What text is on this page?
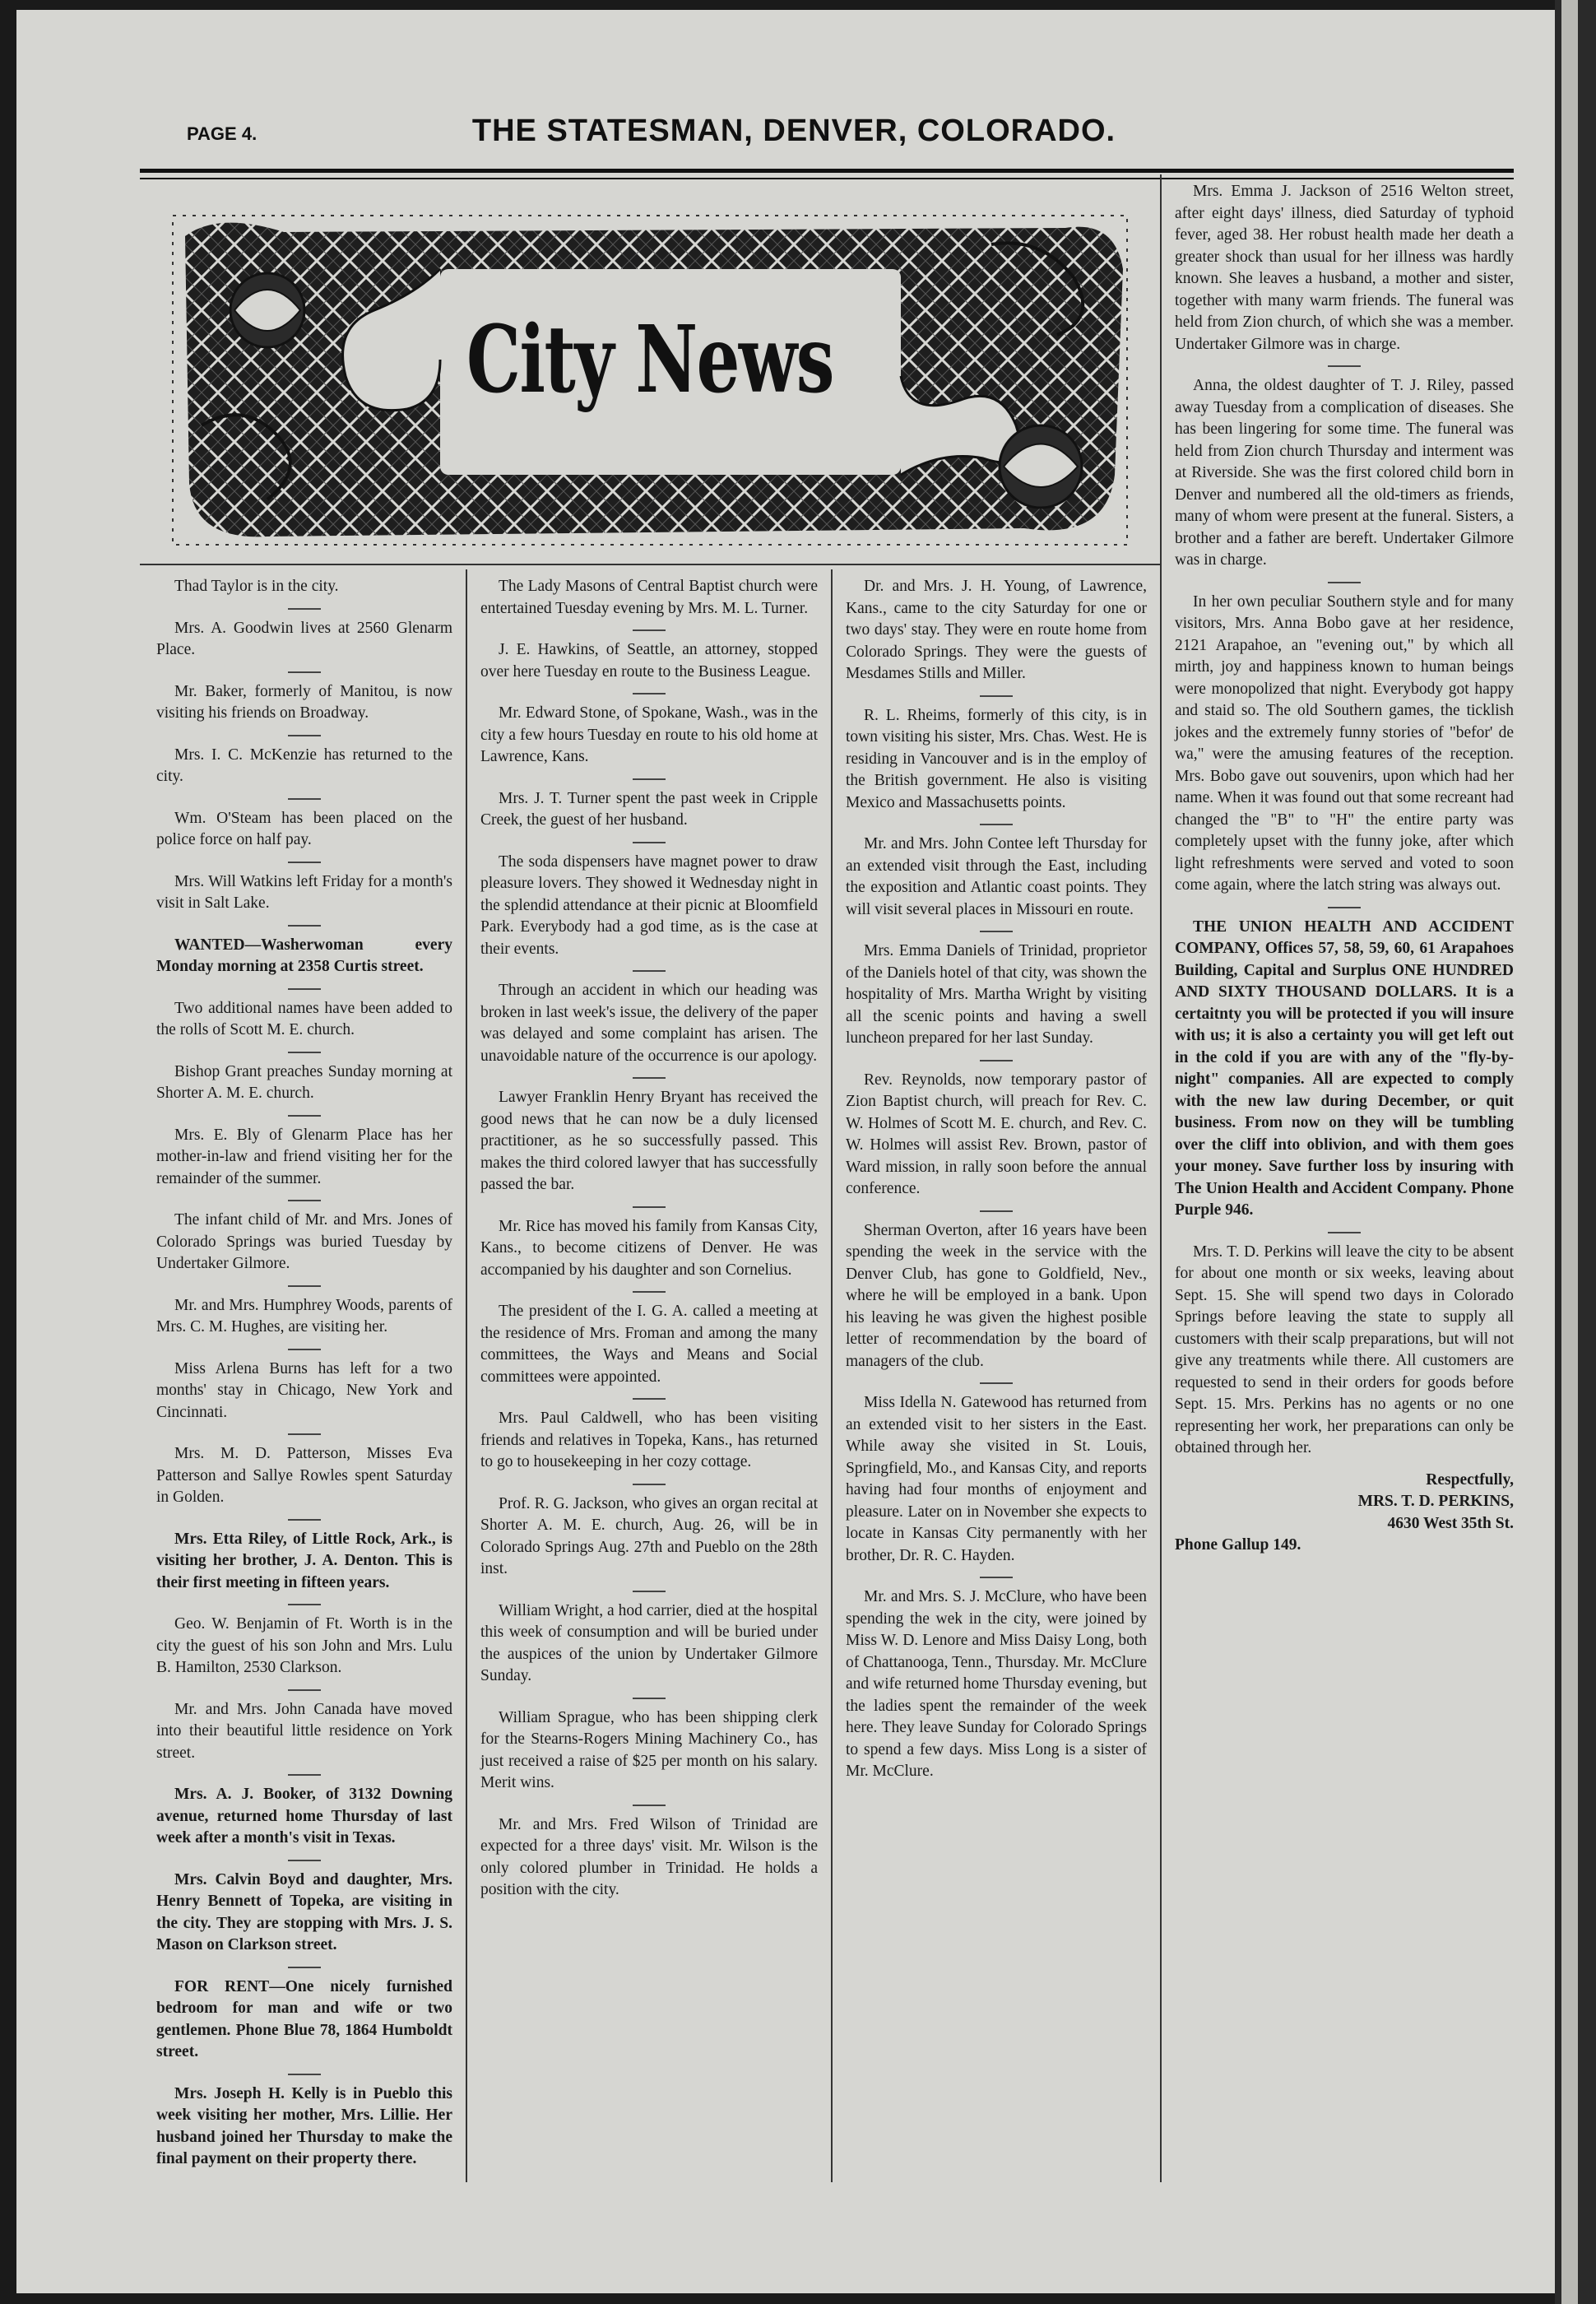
PAGE 4.	THE STATESMAN, DENVER, COLORADO.
City News

Thad Taylor is in the city.

Mrs. A. Goodwin lives at 2560 Glenarm Place.

Mr. Baker, formerly of Manitou, is now visiting his friends on Broadway.

Mrs. I. C. McKenzie has returned to the city.

Wm. O'Steam has been placed on the police force on half pay.

Mrs. Will Watkins left Friday for a month's visit in Salt Lake.

WANTED—Washerwoman every Monday morning at 2358 Curtis street.

Two additional names have been added to the rolls of Scott M. E. church.

Bishop Grant preaches Sunday morning at Shorter A. M. E. church.

Mrs. E. Bly of Glenarm Place has her mother-in-law and friend visiting her for the remainder of the summer.

The infant child of Mr. and Mrs. Jones of Colorado Springs was buried Tuesday by Undertaker Gilmore.

Mr. and Mrs. Humphrey Woods, parents of Mrs. C. M. Hughes, are visiting her.

Miss Arlena Burns has left for a two months' stay in Chicago, New York and Cincinnati.

Mrs. M. D. Patterson, Misses Eva Patterson and Sallye Rowles spent Saturday in Golden.

Mrs. Etta Riley, of Little Rock, Ark., is visiting her brother, J. A. Denton. This is their first meeting in fifteen years.

Geo. W. Benjamin of Ft. Worth is in the city the guest of his son John and Mrs. Lulu B. Hamilton, 2530 Clarkson.

Mr. and Mrs. John Canada have moved into their beautiful little residence on York street.

Mrs. A. J. Booker, of 3132 Downing avenue, returned home Thursday of last week after a month's visit in Texas.

Mrs. Calvin Boyd and daughter, Mrs. Henry Bennett of Topeka, are visiting in the city. They are stopping with Mrs. J. S. Mason on Clarkson street.

FOR RENT—One nicely furnished bedroom for man and wife or two gentlemen. Phone Blue 78, 1864 Humboldt street.

Mrs. Joseph H. Kelly is in Pueblo this week visiting her mother, Mrs. Lillie. Her husband joined her Thursday to make the final payment on their property there.

The Lady Masons of Central Baptist church were entertained Tuesday evening by Mrs. M. L. Turner.

J. E. Hawkins, of Seattle, an attorney, stopped over here Tuesday en route to the Business League.

Mr. Edward Stone, of Spokane, Wash., was in the city a few hours Tuesday en route to his old home at Lawrence, Kans.

Mrs. J. T. Turner spent the past week in Cripple Creek, the guest of her husband.

The soda dispensers have magnet power to draw pleasure lovers. They showed it Wednesday night in the splendid attendance at their picnic at Bloomfield Park. Everybody had a god time, as is the case at their events.

Through an accident in which our heading was broken in last week's issue, the delivery of the paper was delayed and some complaint has arisen. The unavoidable nature of the occurrence is our apology.

Lawyer Franklin Henry Bryant has received the good news that he can now be a duly licensed practitioner, as he so successfully passed. This makes the third colored lawyer that has successfully passed the bar.

Mr. Rice has moved his family from Kansas City, Kans., to become citizens of Denver. He was accompanied by his daughter and son Cornelius.

The president of the I. G. A. called a meeting at the residence of Mrs. Froman and among the many committees, the Ways and Means and Social committees were appointed.

Mrs. Paul Caldwell, who has been visiting friends and relatives in Topeka, Kans., has returned to go to housekeeping in her cozy cottage.

Prof. R. G. Jackson, who gives an organ recital at Shorter A. M. E. church, Aug. 26, will be in Colorado Springs Aug. 27th and Pueblo on the 28th inst.

William Wright, a hod carrier, died at the hospital this week of consumption and will be buried under the auspices of the union by Undertaker Gilmore Sunday.

William Sprague, who has been shipping clerk for the Stearns-Rogers Mining Machinery Co., has just received a raise of $25 per month on his salary. Merit wins.

Mr. and Mrs. Fred Wilson of Trinidad are expected for a three days' visit. Mr. Wilson is the only colored plumber in Trinidad. He holds a position with the city.

Dr. and Mrs. J. H. Young, of Lawrence, Kans., came to the city Saturday for one or two days' stay. They were en route home from Colorado Springs. They were the guests of Mesdames Stills and Miller.

R. L. Rheims, formerly of this city, is in town visiting his sister, Mrs. Chas. West. He is residing in Vancouver and is in the employ of the British government. He also is visiting Mexico and Massachusetts points.

Mr. and Mrs. John Contee left Thursday for an extended visit through the East, including the exposition and Atlantic coast points. They will visit several places in Missouri en route.

Mrs. Emma Daniels of Trinidad, proprietor of the Daniels hotel of that city, was shown the hospitality of Mrs. Martha Wright by visiting all the scenic points and having a swell luncheon prepared for her last Sunday.

Rev. Reynolds, now temporary pastor of Zion Baptist church, will preach for Rev. C. W. Holmes of Scott M. E. church, and Rev. C. W. Holmes will assist Rev. Brown, pastor of Ward mission, in rally soon before the annual conference.

Sherman Overton, after 16 years have been spending the week in the service with the Denver Club, has gone to Goldfield, Nev., where he will be employed in a bank. Upon his leaving he was given the highest posible letter of recommendation by the board of managers of the club.

Miss Idella N. Gatewood has returned from an extended visit to her sisters in the East. While away she visited in St. Louis, Springfield, Mo., and Kansas City, and reports having had four months of enjoyment and pleasure. Later on in November she expects to locate in Kansas City permanently with her brother, Dr. R. C. Hayden.

Mr. and Mrs. S. J. McClure, who have been spending the wek in the city, were joined by Miss W. D. Lenore and Miss Daisy Long, both of Chattanooga, Tenn., Thursday. Mr. McClure and wife returned home Thursday evening, but the ladies spent the remainder of the week here. They leave Sunday for Colorado Springs to spend a few days. Miss Long is a sister of Mr. McClure.

Mrs. Emma J. Jackson of 2516 Welton street, after eight days' illness, died Saturday of typhoid fever, aged 38. Her robust health made her death a greater shock than usual for her illness was hardly known. She leaves a husband, a mother and sister, together with many warm friends. The funeral was held from Zion church, of which she was a member. Undertaker Gilmore was in charge.

Anna, the oldest daughter of T. J. Riley, passed away Tuesday from a complication of diseases. She has been lingering for some time. The funeral was held from Zion church Thursday and interment was at Riverside. She was the first colored child born in Denver and numbered all the old-timers as friends, many of whom were present at the funeral. Sisters, a brother and a father are bereft. Undertaker Gilmore was in charge.

In her own peculiar Southern style and for many visitors, Mrs. Anna Bobo gave at her residence, 2121 Arapahoe, an "evening out," by which all mirth, joy and happiness known to human beings were monopolized that night. Everybody got happy and staid so. The old Southern games, the ticklish jokes and the extremely funny stories of "befor' de wa," were the amusing features of the reception. Mrs. Bobo gave out souvenirs, upon which had her name. When it was found out that some recreant had changed the "B" to "H" the entire party was completely upset with the funny joke, after which light refreshments were served and voted to soon come again, where the latch string was always out.

THE UNION HEALTH AND ACCIDENT COMPANY, Offices 57, 58, 59, 60, 61 Arapahoes Building, Capital and Surplus ONE HUNDRED AND SIXTY THOUSAND DOLLARS. It is a certaitnty you will be protected if you will insure with us; it is also a certainty you will get left out in the cold if you are with any of the "fly-by-night" companies. All are expected to comply with the new law during December, or quit business. From now on they will be tumbling over the cliff into oblivion, and with them goes your money. Save further loss by insuring with The Union Health and Accident Company. Phone Purple 946.

Mrs. T. D. Perkins will leave the city to be absent for about one month or six weeks, leaving about Sept. 15. She will spend two days in Colorado Springs before leaving the state to supply all customers with their scalp preparations, but will not give any treatments while there. All customers are requested to send in their orders for goods before Sept. 15. Mrs. Perkins has no agents or no one representing her work, her preparations can only be obtained through her.

Respectfully,

MRS. T. D. PERKINS,

4630 West 35th St.

Phone Gallup 149.
